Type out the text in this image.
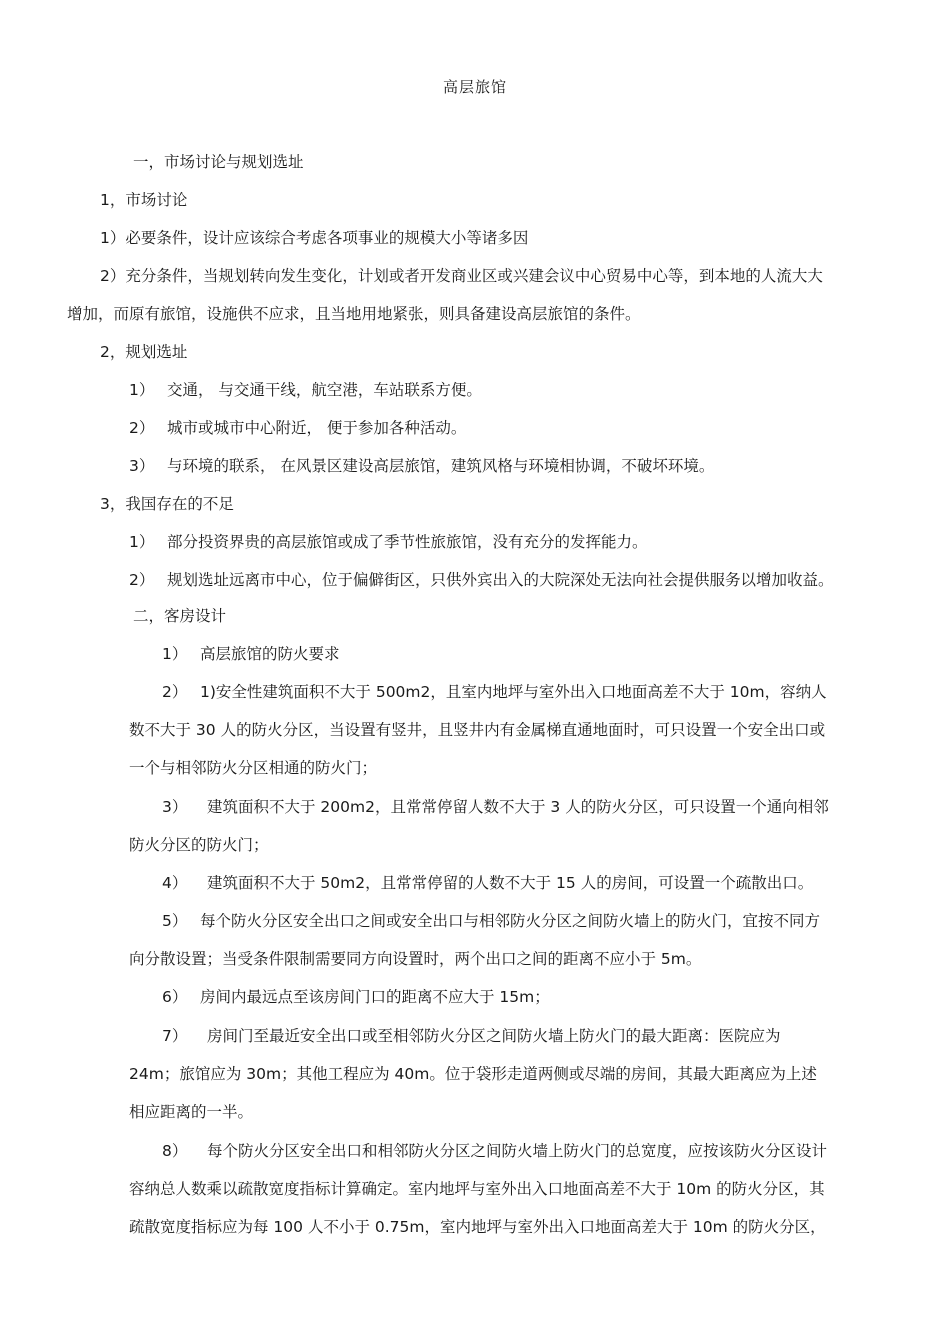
高层旅馆
一，市场讨论与规划选址
1，市场讨论
1）必要条件，设计应该综合考虑各项事业的规模大小等诸多因
2）充分条件，当规划转向发生变化，计划或者开发商业区或兴建会议中心贸易中心等，到本地的人流大大
增加，而原有旅馆，设施供不应求，且当地用地紧张，则具备建设高层旅馆的条件。
2，规划选址
1） 交通， 与交通干线，航空港，车站联系方便。
2） 城市或城市中心附近， 便于参加各种活动。
3） 与环境的联系， 在风景区建设高层旅馆，建筑风格与环境相协调，不破坏环境。
3，我国存在的不足
1） 部分投资界贵的高层旅馆或成了季节性旅旅馆，没有充分的发挥能力。
2） 规划选址远离市中心，位于偏僻街区，只供外宾出入的大院深处无法向社会提供服务以增加收益。
二，客房设计
1） 高层旅馆的防火要求
2） 1)安全性建筑面积不大于 500m2，且室内地坪与室外出入口地面高差不大于 10m，容纳人
数不大于 30 人的防火分区，当设置有竖井，且竖井内有金属梯直通地面时，可只设置一个安全出口或
一个与相邻防火分区相通的防火门；
3） 建筑面积不大于 200m2，且常常停留人数不大于 3 人的防火分区，可只设置一个通向相邻
防火分区的防火门；
4） 建筑面积不大于 50m2，且常常停留的人数不大于 15 人的房间，可设置一个疏散出口。
5） 每个防火分区安全出口之间或安全出口与相邻防火分区之间防火墙上的防火门，宜按不同方
向分散设置；当受条件限制需要同方向设置时，两个出口之间的距离不应小于 5m。
6） 房间内最远点至该房间门口的距离不应大于 15m；
7） 房间门至最近安全出口或至相邻防火分区之间防火墙上防火门的最大距离：医院应为
24m；旅馆应为 30m；其他工程应为 40m。位于袋形走道两侧或尽端的房间，其最大距离应为上述
相应距离的一半。
8） 每个防火分区安全出口和相邻防火分区之间防火墙上防火门的总宽度，应按该防火分区设计
容纳总人数乘以疏散宽度指标计算确定。室内地坪与室外出入口地面高差不大于 10m 的防火分区，其
疏散宽度指标应为每 100 人不小于 0.75m，室内地坪与室外出入口地面高差大于 10m 的防火分区，
